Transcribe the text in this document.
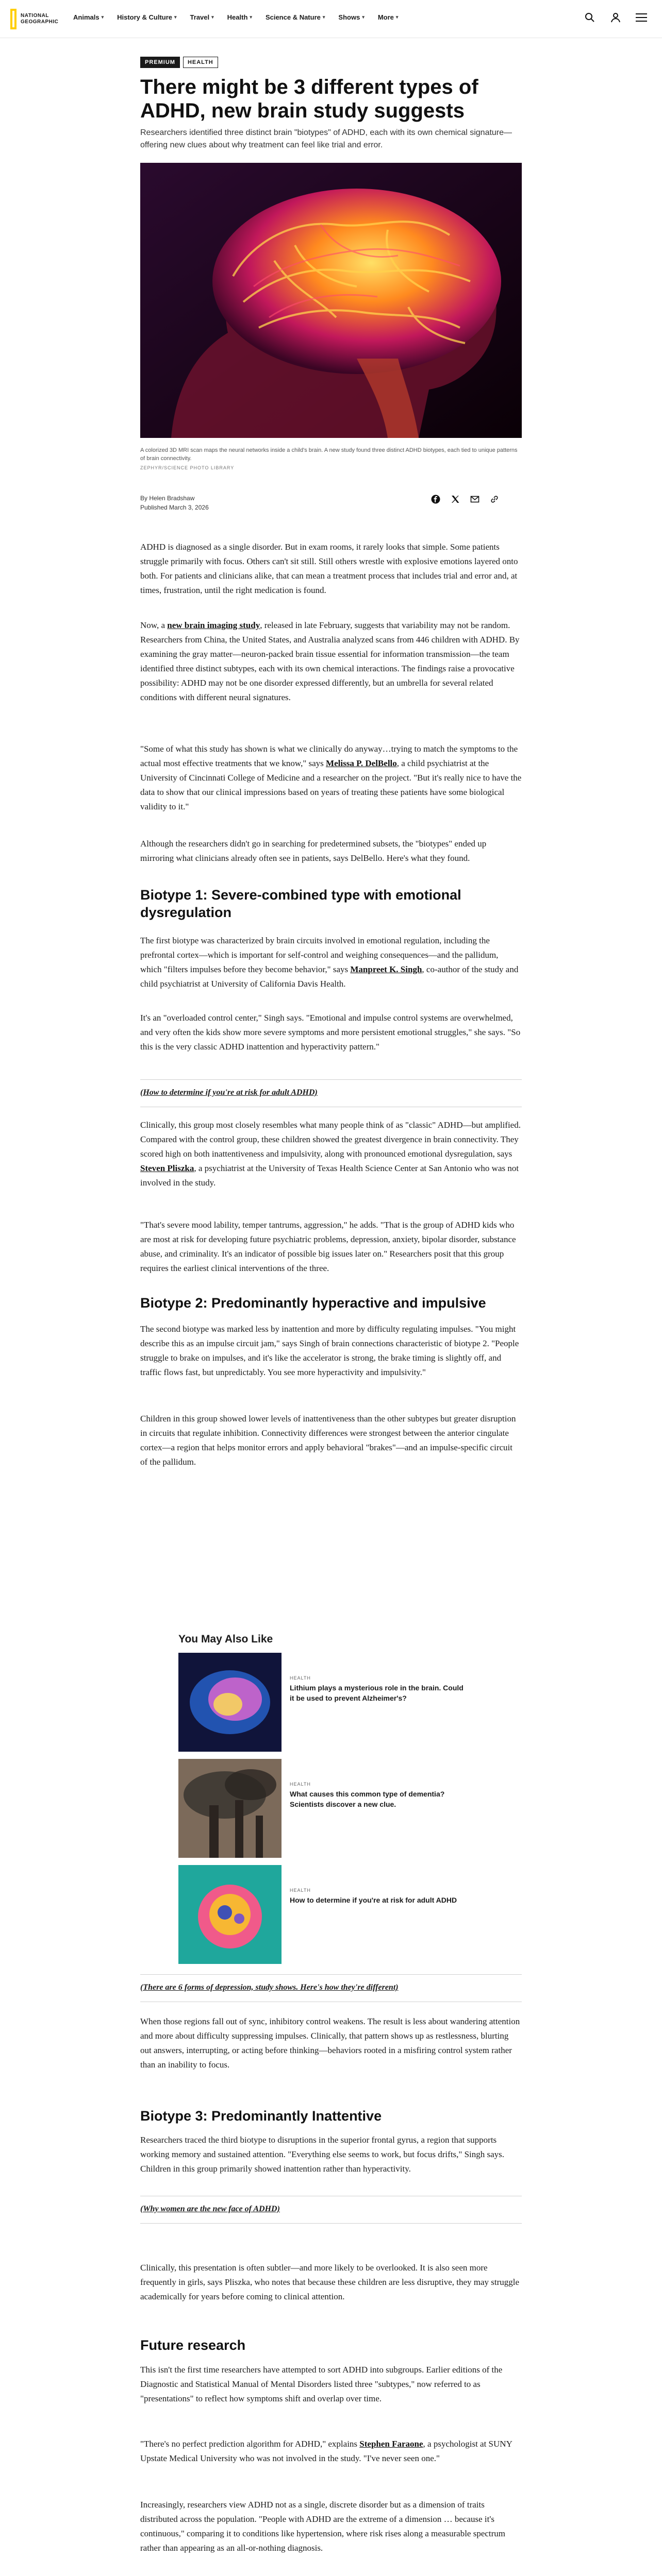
NATIONAL GEOGRAPHIC
Animals ▾ History & Culture ▾ Travel ▾ Health ▾ Science & Nature ▾ Shows ▾ More ▾
PREMIUM	HEALTH
There might be 3 different types of ADHD, new brain study suggests

Researchers identified three distinct brain "biotypes" of ADHD, each with its own chemical signature—offering new clues about why treatment can feel like trial and error.

A colorized 3D MRI scan maps the neural networks inside a child's brain. A new study found three distinct ADHD biotypes, each tied to unique patterns of brain connectivity.
ZEPHYR/SCIENCE PHOTO LIBRARY

By Helen Bradshaw
Published March 3, 2026

ADHD is diagnosed as a single disorder. But in exam rooms, it rarely looks that simple. Some patients struggle primarily with focus. Others can't sit still. Still others wrestle with explosive emotions layered onto both. For patients and clinicians alike, that can mean a treatment process that includes trial and error and, at times, frustration, until the right medication is found.

Now, a new brain imaging study, released in late February, suggests that variability may not be random. Researchers from China, the United States, and Australia analyzed scans from 446 children with ADHD. By examining the gray matter—neuron-packed brain tissue essential for information transmission—the team identified three distinct subtypes, each with its own chemical interactions. The findings raise a provocative possibility: ADHD may not be one disorder expressed differently, but an umbrella for several related conditions with different neural signatures.

"Some of what this study has shown is what we clinically do anyway…trying to match the symptoms to the actual most effective treatments that we know," says Melissa P. DelBello, a child psychiatrist at the University of Cincinnati College of Medicine and a researcher on the project. "But it's really nice to have the data to show that our clinical impressions based on years of treating these patients have some biological validity to it."

Although the researchers didn't go in searching for predetermined subsets, the "biotypes" ended up mirroring what clinicians already often see in patients, says DelBello. Here's what they found.

Biotype 1: Severe-combined type with emotional dysregulation

The first biotype was characterized by brain circuits involved in emotional regulation, including the prefrontal cortex—which is important for self-control and weighing consequences—and the pallidum, which "filters impulses before they become behavior," says Manpreet K. Singh, co-author of the study and child psychiatrist at University of California Davis Health.

It's an "overloaded control center," Singh says. "Emotional and impulse control systems are overwhelmed, and very often the kids show more severe symptoms and more persistent emotional struggles," she says. "So this is the very classic ADHD inattention and hyperactivity pattern."

(How to determine if you're at risk for adult ADHD)

Clinically, this group most closely resembles what many people think of as "classic" ADHD—but amplified. Compared with the control group, these children showed the greatest divergence in brain connectivity. They scored high on both inattentiveness and impulsivity, along with pronounced emotional dysregulation, says Steven Pliszka, a psychiatrist at the University of Texas Health Science Center at San Antonio who was not involved in the study.

"That's severe mood lability, temper tantrums, aggression," he adds. "That is the group of ADHD kids who are most at risk for developing future psychiatric problems, depression, anxiety, bipolar disorder, substance abuse, and criminality. It's an indicator of possible big issues later on." Researchers posit that this group requires the earliest clinical interventions of the three.

Biotype 2: Predominantly hyperactive and impulsive

The second biotype was marked less by inattention and more by difficulty regulating impulses. "You might describe this as an impulse circuit jam," says Singh of brain connections characteristic of biotype 2. "People struggle to brake on impulses, and it's like the accelerator is strong, the brake timing is slightly off, and traffic flows fast, but unpredictably. You see more hyperactivity and impulsivity."

Children in this group showed lower levels of inattentiveness than the other subtypes but greater disruption in circuits that regulate inhibition. Connectivity differences were strongest between the anterior cingulate cortex—a region that helps monitor errors and apply behavioral "brakes"—and an impulse-specific circuit of the pallidum.

You May Also Like
HEALTH
Lithium plays a mysterious role in the brain. Could it be used to prevent Alzheimer's?
HEALTH
What causes this common type of dementia? Scientists discover a new clue.
HEALTH
How to determine if you're at risk for adult ADHD
(There are 6 forms of depression, study shows. Here's how they're different)

When those regions fall out of sync, inhibitory control weakens. The result is less about wandering attention and more about difficulty suppressing impulses. Clinically, that pattern shows up as restlessness, blurting out answers, interrupting, or acting before thinking—behaviors rooted in a misfiring control system rather than an inability to focus.

Biotype 3: Predominantly Inattentive

Researchers traced the third biotype to disruptions in the superior frontal gyrus, a region that supports working memory and sustained attention. "Everything else seems to work, but focus drifts," Singh says. Children in this group primarily showed inattention rather than hyperactivity.

(Why women are the new face of ADHD)

Clinically, this presentation is often subtler—and more likely to be overlooked. It is also seen more frequently in girls, says Pliszka, who notes that because these children are less disruptive, they may struggle academically for years before coming to clinical attention.

Future research

This isn't the first time researchers have attempted to sort ADHD into subgroups. Earlier editions of the Diagnostic and Statistical Manual of Mental Disorders listed three "subtypes," now referred to as "presentations" to reflect how symptoms shift and overlap over time.

"There's no perfect prediction algorithm for ADHD," explains Stephen Faraone, a psychologist at SUNY Upstate Medical University who was not involved in the study. "I've never seen one."

Increasingly, researchers view ADHD not as a single, discrete disorder but as a dimension of traits distributed across the population. "People with ADHD are the extreme of a dimension … because it's continuous," comparing it to conditions like hypertension, where risk rises along a measurable spectrum rather than appearing as an all-or-nothing diagnosis.
